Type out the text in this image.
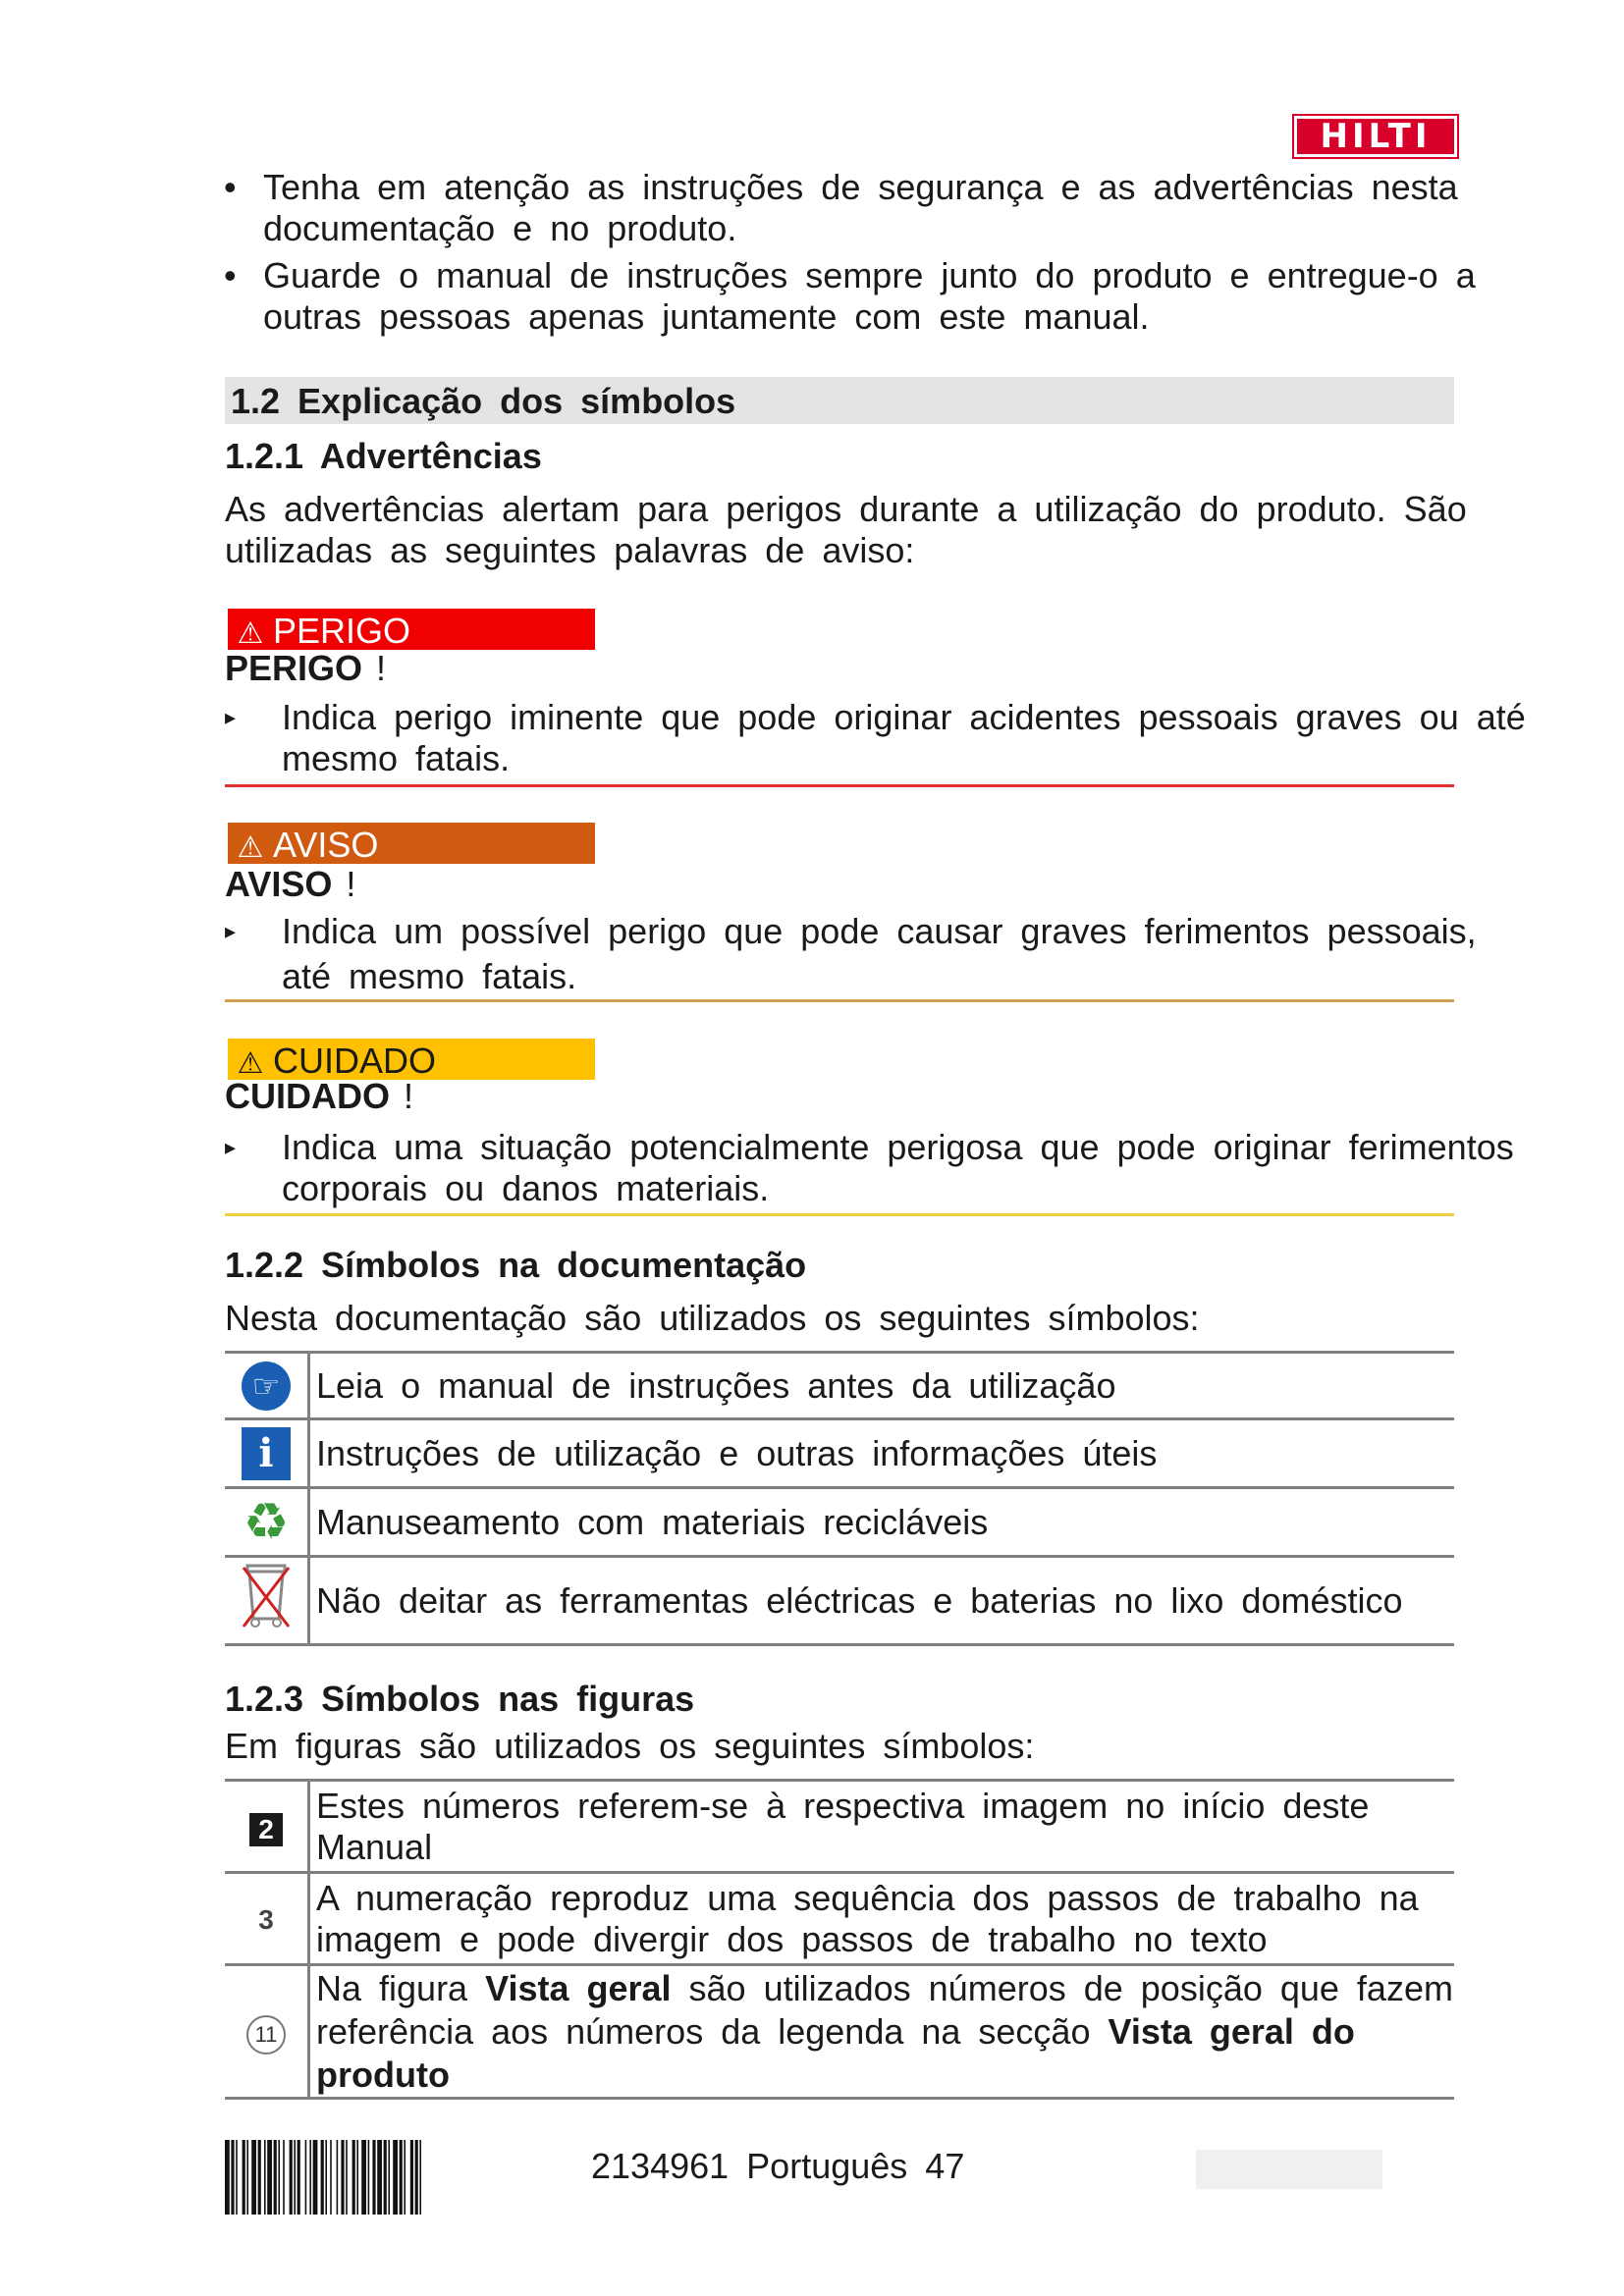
HILTI
• Tenha em atenção as instruções de segurança e as advertências nesta documentação e no produto.
• Guarde o manual de instruções sempre junto do produto e entregue-o a outras pessoas apenas juntamente com este manual.
1.2 Explicação dos símbolos
1.2.1 Advertências
As advertências alertam para perigos durante a utilização do produto. São utilizadas as seguintes palavras de aviso:
⚠ PERIGO
PERIGO !
▸ Indica perigo iminente que pode originar acidentes pessoais graves ou até mesmo fatais.
⚠ AVISO
AVISO !
▸ Indica um possível perigo que pode causar graves ferimentos pessoais, até mesmo fatais.
⚠ CUIDADO
CUIDADO !
▸ Indica uma situação potencialmente perigosa que pode originar ferimentos corporais ou danos materiais.
1.2.2 Símbolos na documentação
Nesta documentação são utilizados os seguintes símbolos:
☞	Leia o manual de instruções antes da utilização
i	Instruções de utilização e outras informações úteis
♻	Manuseamento com materiais recicláveis
	Não deitar as ferramentas eléctricas e baterias no lixo doméstico
1.2.3 Símbolos nas figuras
Em figuras são utilizados os seguintes símbolos:
2	Estes números referem-se à respectiva imagem no início deste Manual
3	A numeração reproduz uma sequência dos passos de trabalho na imagem e pode divergir dos passos de trabalho no texto
11	Na figura Vista geral são utilizados números de posição que fazem referência aos números da legenda na secção Vista geral do produto
2134961 Português 47
